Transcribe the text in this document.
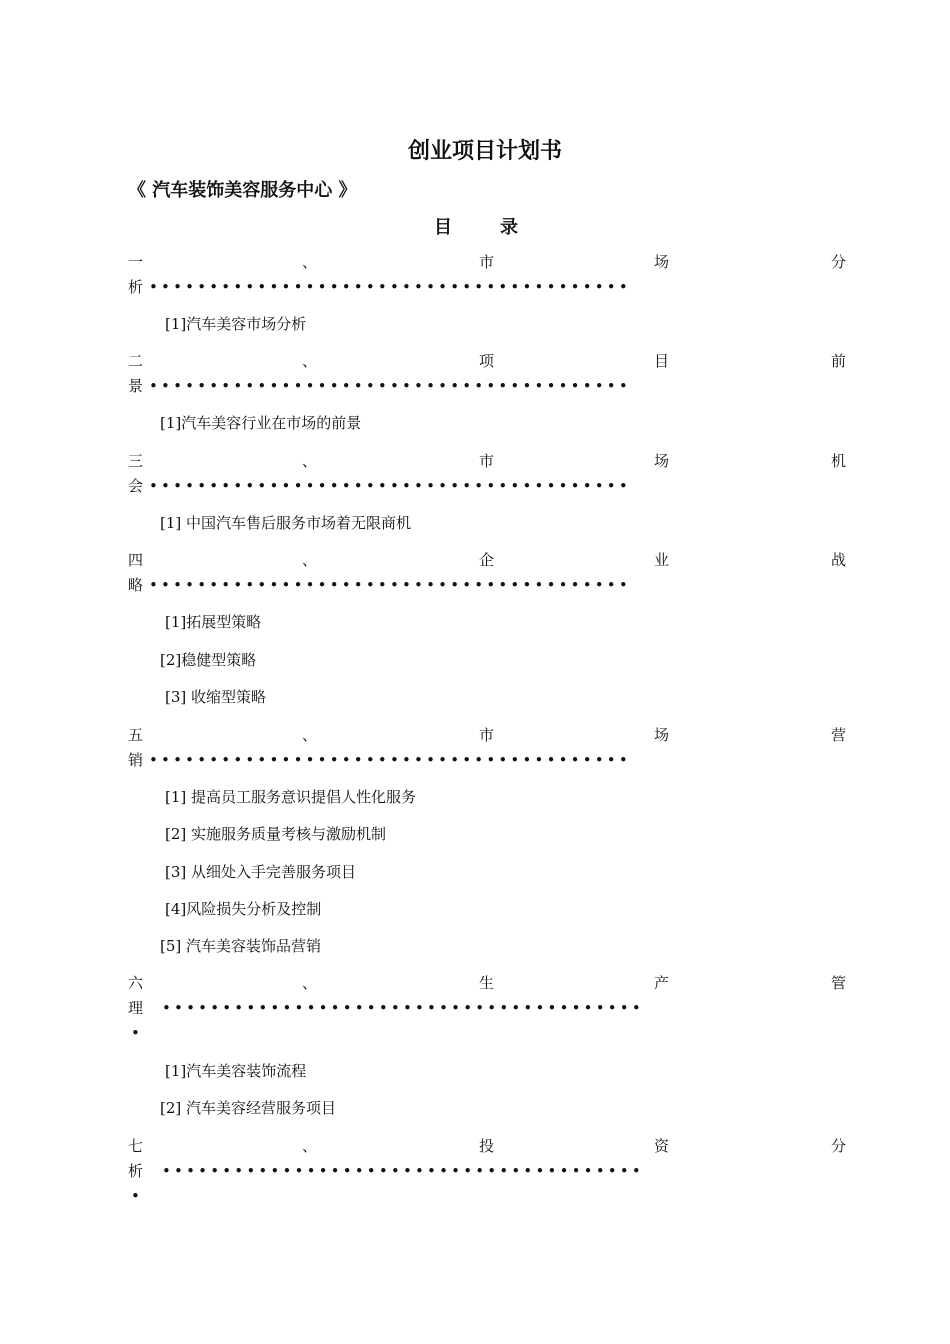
创业项目计划书
《 汽车装饰美容服务中心 》
目	录
一	、	市	场	分
析 ••••••••••••••••••••••••••••••••••••••••
[1]汽车美容市场分析
二	、	项	目	前
景 ••••••••••••••••••••••••••••••••••••••••
[1]汽车美容行业在市场的前景
三	、	市	场	机
会 ••••••••••••••••••••••••••••••••••••••••
[1] 中国汽车售后服务市场着无限商机
四	、	企	业	战
略 ••••••••••••••••••••••••••••••••••••••••
[1]拓展型策略
[2]稳健型策略
[3] 收缩型策略
五	、	市	场	营
销 ••••••••••••••••••••••••••••••••••••••••
[1] 提高员工服务意识提倡人性化服务
[2] 实施服务质量考核与激励机制
[3] 从细处入手完善服务项目
[4]风险损失分析及控制
[5] 汽车美容装饰品营销
六	、	生	产	管
理 ••••••••••••••••••••••••••••••••••••••••
•
[1]汽车美容装饰流程
[2] 汽车美容经营服务项目
七	、	投	资	分
析 ••••••••••••••••••••••••••••••••••••••••
•
